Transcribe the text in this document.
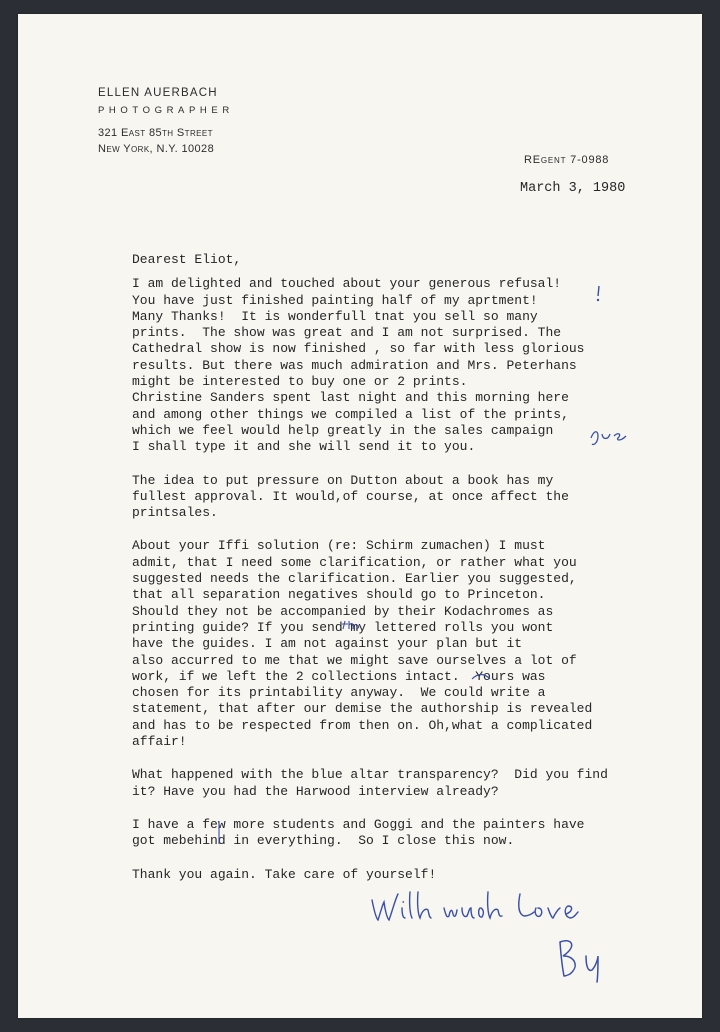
ELLEN AUERBACH
PHOTOGRAPHER
321 East 85th Street
New York, N.Y. 10028
REgent 7-0988
March 3, 1980
Dearest Eliot,
I am delighted and touched about your generous refusal!
You have just finished painting half of my aprtment!
Many Thanks!  It is wonderfull tnat you sell so many
prints.  The show was great and I am not surprised. The
Cathedral show is now finished , so far with less glorious
results. But there was much admiration and Mrs. Peterhans
might be interested to buy one or 2 prints.
Christine Sanders spent last night and this morning here
and among other things we compiled a list of the prints,
which we feel would help greatly in the sales campaign
I shall type it and she will send it to you.
The idea to put pressure on Dutton about a book has my
fullest approval. It would,of course, at once affect the
printsales.
About your Iffi solution (re: Schirm zumachen) I must
admit, that I need some clarification, or rather what you
suggested needs the clarification. Earlier you suggested,
that all separation negatives should go to Princeton.
Should they not be accompanied by their Kodachromes as
printing guide? If you send my lettered rolls you wont
have the guides. I am not against your plan but it
also accurred to me that we might save ourselves a lot of
work, if we left the 2 collections intact.  Yours was
chosen for its printability anyway.  We could write a
statement, that after our demise the authorship is revealed
and has to be respected from then on. Oh,what a complicated
affair!
What happened with the blue altar transparency?  Did you find
it? Have you had the Harwood interview already?
I have a few more students and Goggi and the painters have
got mebehind in everything.  So I close this now.
Thank you again. Take care of yourself!
